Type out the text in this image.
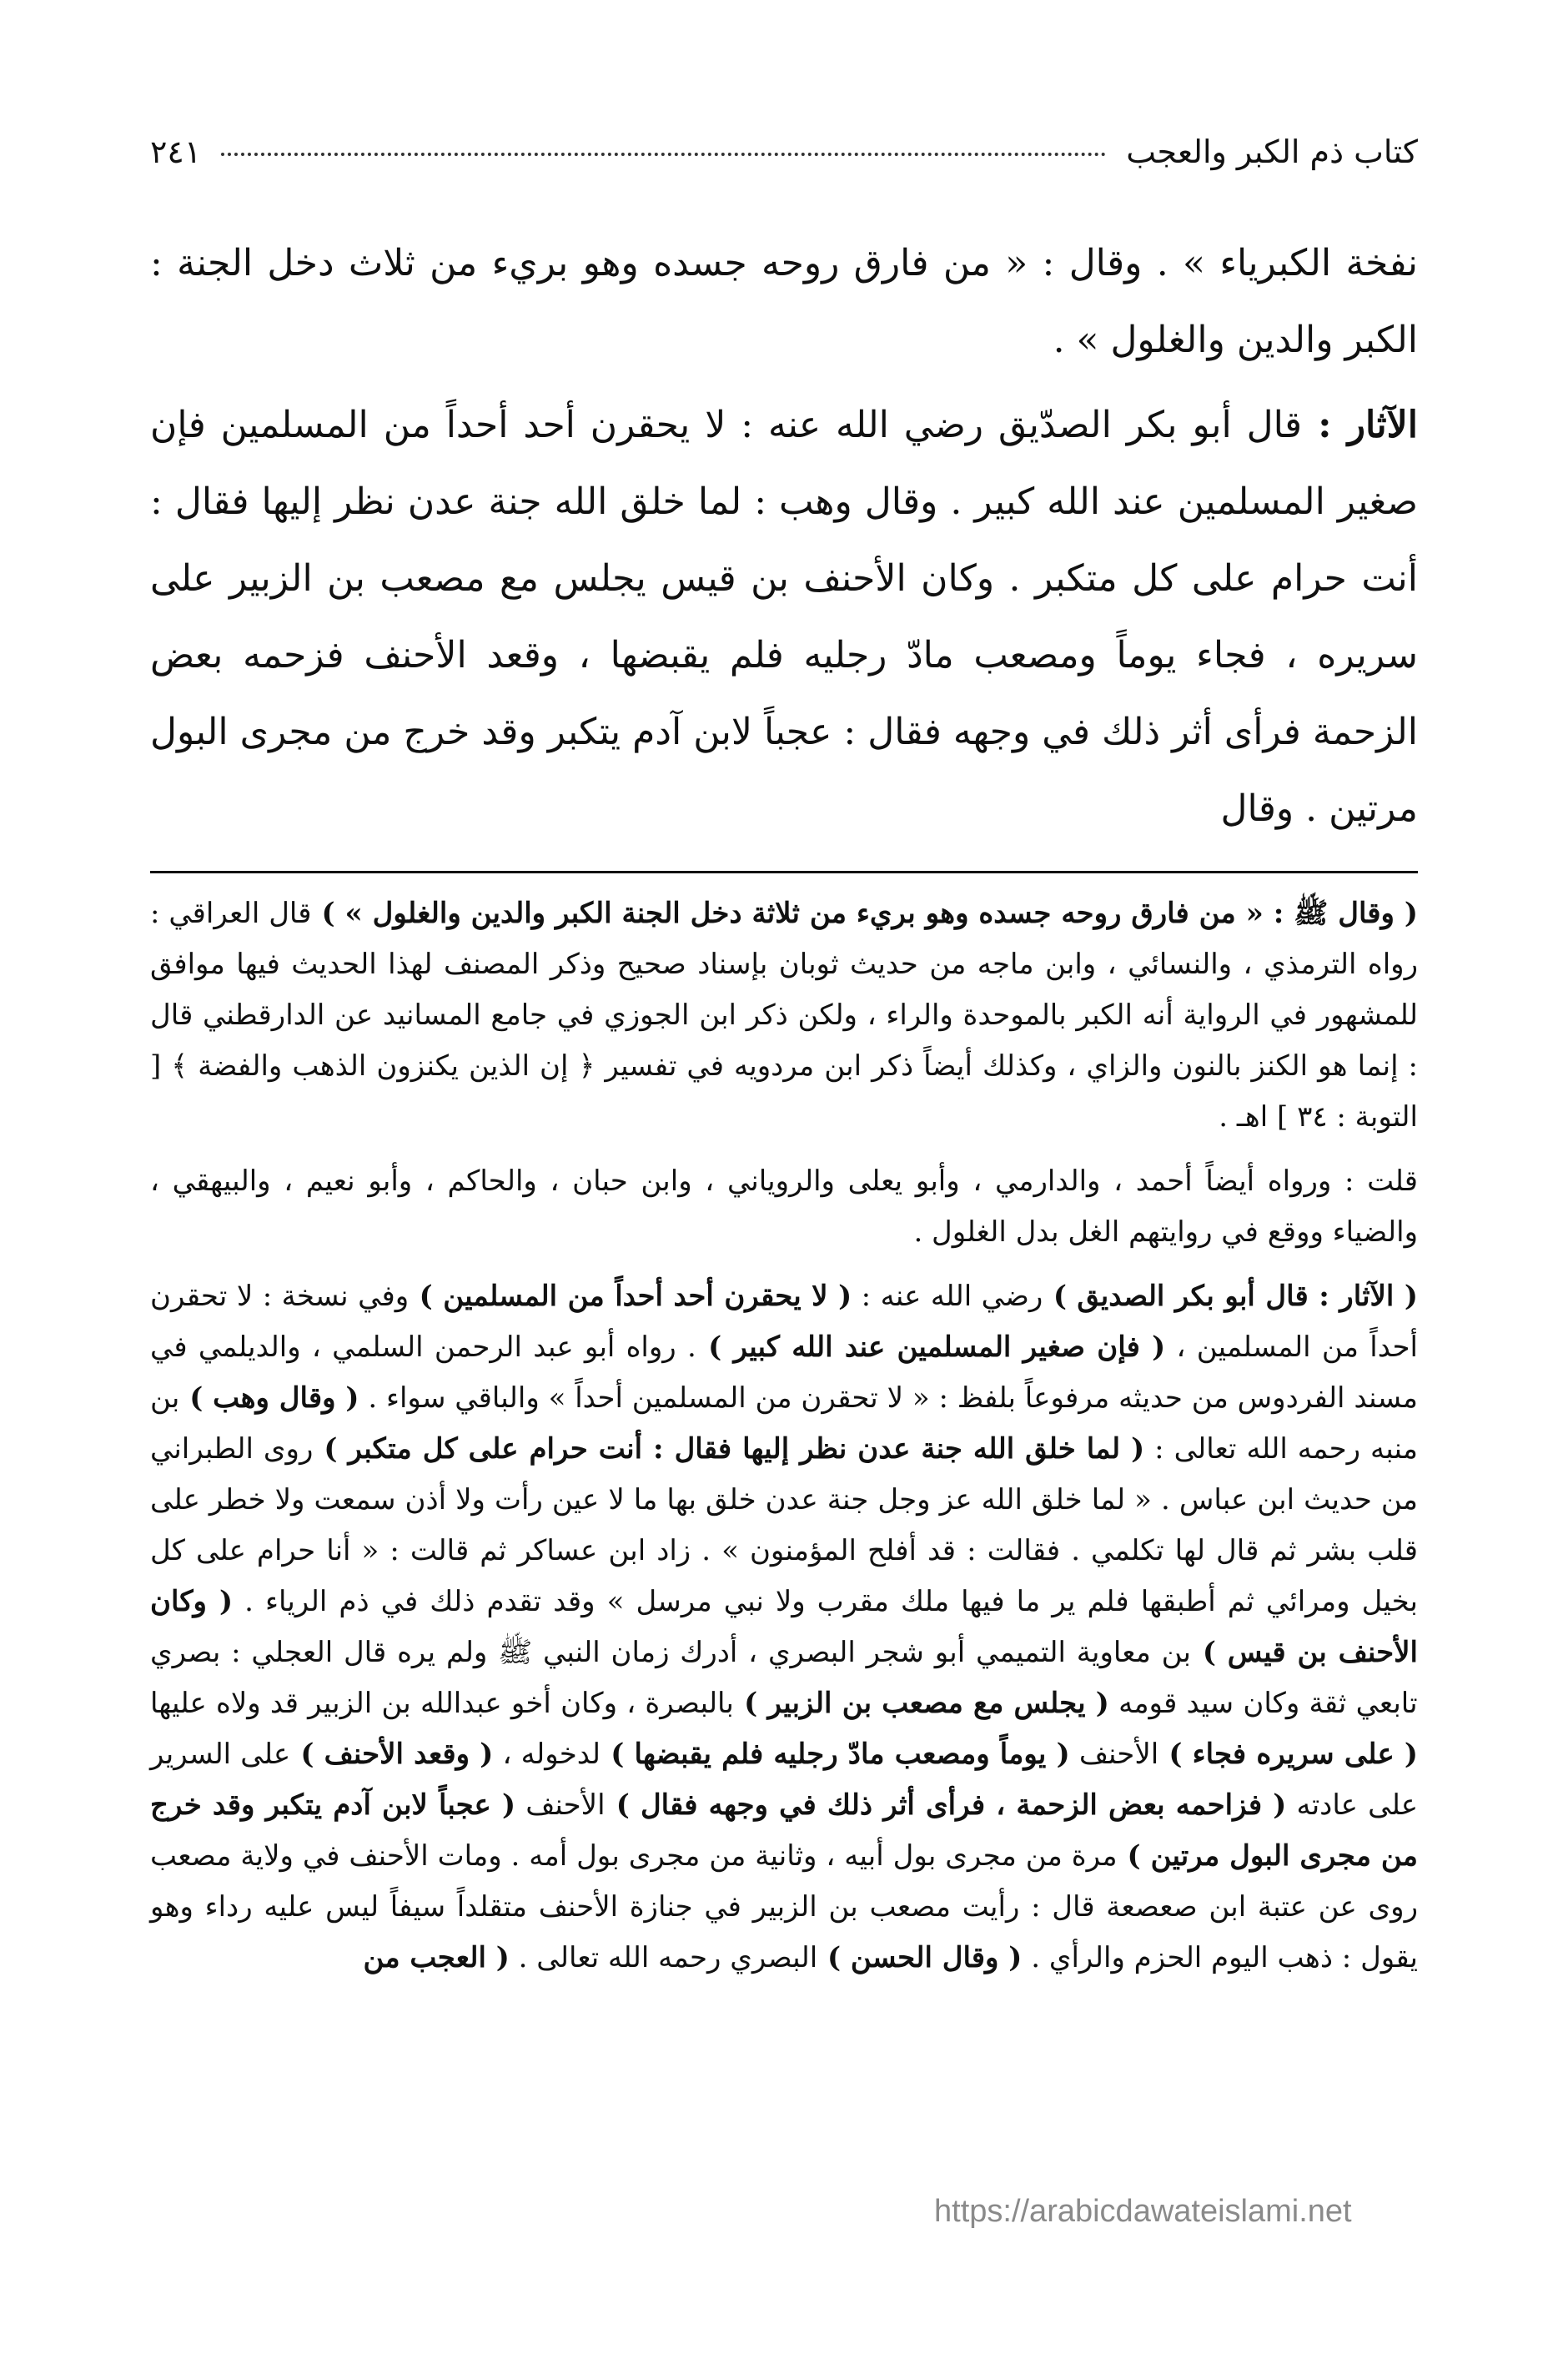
كتاب ذم الكبر والعجب
٢٤١

نفخة الكبرياء » . وقال : « من فارق روحه جسده وهو بريء من ثلاث دخل الجنة : الكبر والدين والغلول » .

الآثار : قال أبو بكر الصدّيق رضي الله عنه : لا يحقرن أحد أحداً من المسلمين فإن صغير المسلمين عند الله كبير . وقال وهب : لما خلق الله جنة عدن نظر إليها فقال : أنت حرام على كل متكبر . وكان الأحنف بن قيس يجلس مع مصعب بن الزبير على سريره ، فجاء يوماً ومصعب مادّ رجليه فلم يقبضها ، وقعد الأحنف فزحمه بعض الزحمة فرأى أثر ذلك في وجهه فقال : عجباً لابن آدم يتكبر وقد خرج من مجرى البول مرتين . وقال

( وقال ﷺ : « من فارق روحه جسده وهو بريء من ثلاثة دخل الجنة الكبر والدين والغلول » ) قال العراقي : رواه الترمذي ، والنسائي ، وابن ماجه من حديث ثوبان بإسناد صحيح وذكر المصنف لهذا الحديث فيها موافق للمشهور في الرواية أنه الكبر بالموحدة والراء ، ولكن ذكر ابن الجوزي في جامع المسانيد عن الدارقطني قال : إنما هو الكنز بالنون والزاي ، وكذلك أيضاً ذكر ابن مردويه في تفسير ﴿ إن الذين يكنزون الذهب والفضة ﴾ [ التوبة : ٣٤ ] اهـ .

قلت : ورواه أيضاً أحمد ، والدارمي ، وأبو يعلى والروياني ، وابن حبان ، والحاكم ، وأبو نعيم ، والبيهقي ، والضياء ووقع في روايتهم الغل بدل الغلول .

( الآثار : قال أبو بكر الصديق ) رضي الله عنه : ( لا يحقرن أحد أحداً من المسلمين ) وفي نسخة : لا تحقرن أحداً من المسلمين ، ( فإن صغير المسلمين عند الله كبير ) . رواه أبو عبد الرحمن السلمي ، والديلمي في مسند الفردوس من حديثه مرفوعاً بلفظ : « لا تحقرن من المسلمين أحداً » والباقي سواء . ( وقال وهب ) بن منبه رحمه الله تعالى : ( لما خلق الله جنة عدن نظر إليها فقال : أنت حرام على كل متكبر ) روى الطبراني من حديث ابن عباس . « لما خلق الله عز وجل جنة عدن خلق بها ما لا عين رأت ولا أذن سمعت ولا خطر على قلب بشر ثم قال لها تكلمي . فقالت : قد أفلح المؤمنون » . زاد ابن عساكر ثم قالت : « أنا حرام على كل بخيل ومرائي ثم أطبقها فلم ير ما فيها ملك مقرب ولا نبي مرسل » وقد تقدم ذلك في ذم الرياء . ( وكان الأحنف بن قيس ) بن معاوية التميمي أبو شجر البصري ، أدرك زمان النبي ﷺ ولم يره قال العجلي : بصري تابعي ثقة وكان سيد قومه ( يجلس مع مصعب بن الزبير ) بالبصرة ، وكان أخو عبدالله بن الزبير قد ولاه عليها ( على سريره فجاء ) الأحنف ( يوماً ومصعب مادّ رجليه فلم يقبضها ) لدخوله ، ( وقعد الأحنف ) على السرير على عادته ( فزاحمه بعض الزحمة ، فرأى أثر ذلك في وجهه فقال ) الأحنف ( عجباً لابن آدم يتكبر وقد خرج من مجرى البول مرتين ) مرة من مجرى بول أبيه ، وثانية من مجرى بول أمه . ومات الأحنف في ولاية مصعب روى عن عتبة ابن صعصعة قال : رأيت مصعب بن الزبير في جنازة الأحنف متقلداً سيفاً ليس عليه رداء وهو يقول : ذهب اليوم الحزم والرأي . ( وقال الحسن ) البصري رحمه الله تعالى . ( العجب من

https://arabicdawateislami.net
